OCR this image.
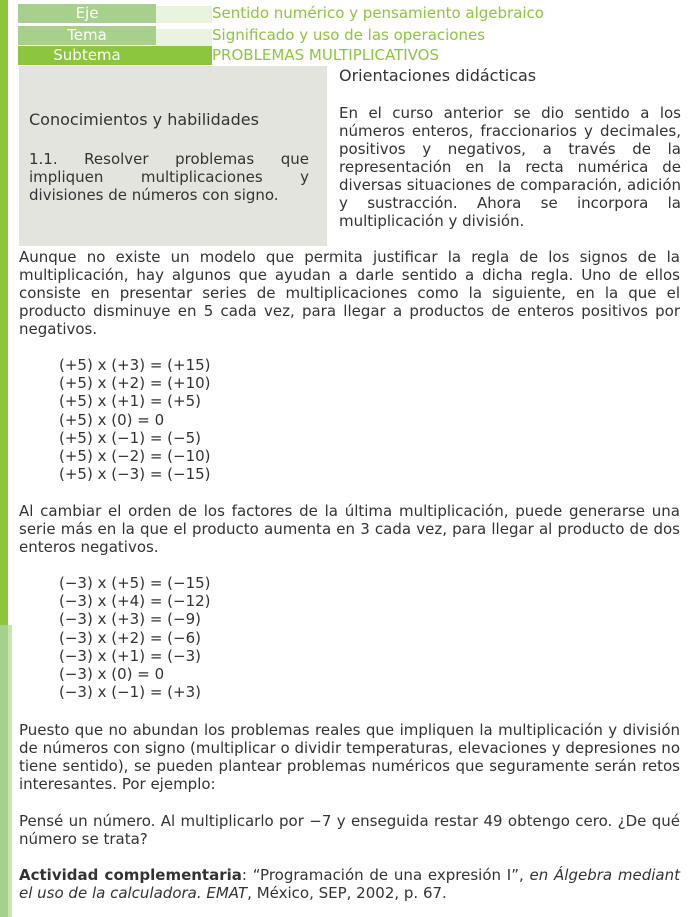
Eje	Sentido numérico y pensamiento algebraico
Tema	Significado y uso de las operaciones
Subtema	PROBLEMAS MULTIPLICATIVOS
Conocimientos y habilidades

1.1. Resolver problemas que impliquen multiplicaciones y divisiones de números con signo.

Orientaciones didácticas

En el curso anterior se dio sentido a los números enteros, fraccionarios y decimales, positivos y negativos, a través de la representación en la recta numérica de diversas situaciones de comparación, adición y sustracción. Ahora se incorpora la multiplicación y división.

Aunque no existe un modelo que permita justificar la regla de los signos de la multiplicación, hay algunos que ayudan a darle sentido a dicha regla. Uno de ellos consiste en presentar series de multiplicaciones como la siguiente, en la que el producto disminuye en 5 cada vez, para llegar a productos de enteros positivos por negativos.

(+5) x (+3) = (+15)
(+5) x (+2) = (+10)
(+5) x (+1) = (+5)
(+5) x (0) = 0
(+5) x (−1) = (−5)
(+5) x (−2) = (−10)
(+5) x (−3) = (−15)

Al cambiar el orden de los factores de la última multiplicación, puede generarse una serie más en la que el producto aumenta en 3 cada vez, para llegar al producto de dos enteros negativos.

(−3) x (+5) = (−15)
(−3) x (+4) = (−12)
(−3) x (+3) = (−9)
(−3) x (+2) = (−6)
(−3) x (+1) = (−3)
(−3) x (0) = 0
(−3) x (−1) = (+3)

Puesto que no abundan los problemas reales que impliquen la multiplicación y división de números con signo (multiplicar o dividir temperaturas, elevaciones y depresiones no tiene sentido), se pueden plantear problemas numéricos que seguramente serán retos interesantes. Por ejemplo:

Pensé un número. Al multiplicarlo por −7 y enseguida restar 49 obtengo cero. ¿De qué número se trata?

Actividad complementaria: “Programación de una expresión I”, en Álgebra mediant el uso de la calculadora. EMAT, México, SEP, 2002, p. 67.
